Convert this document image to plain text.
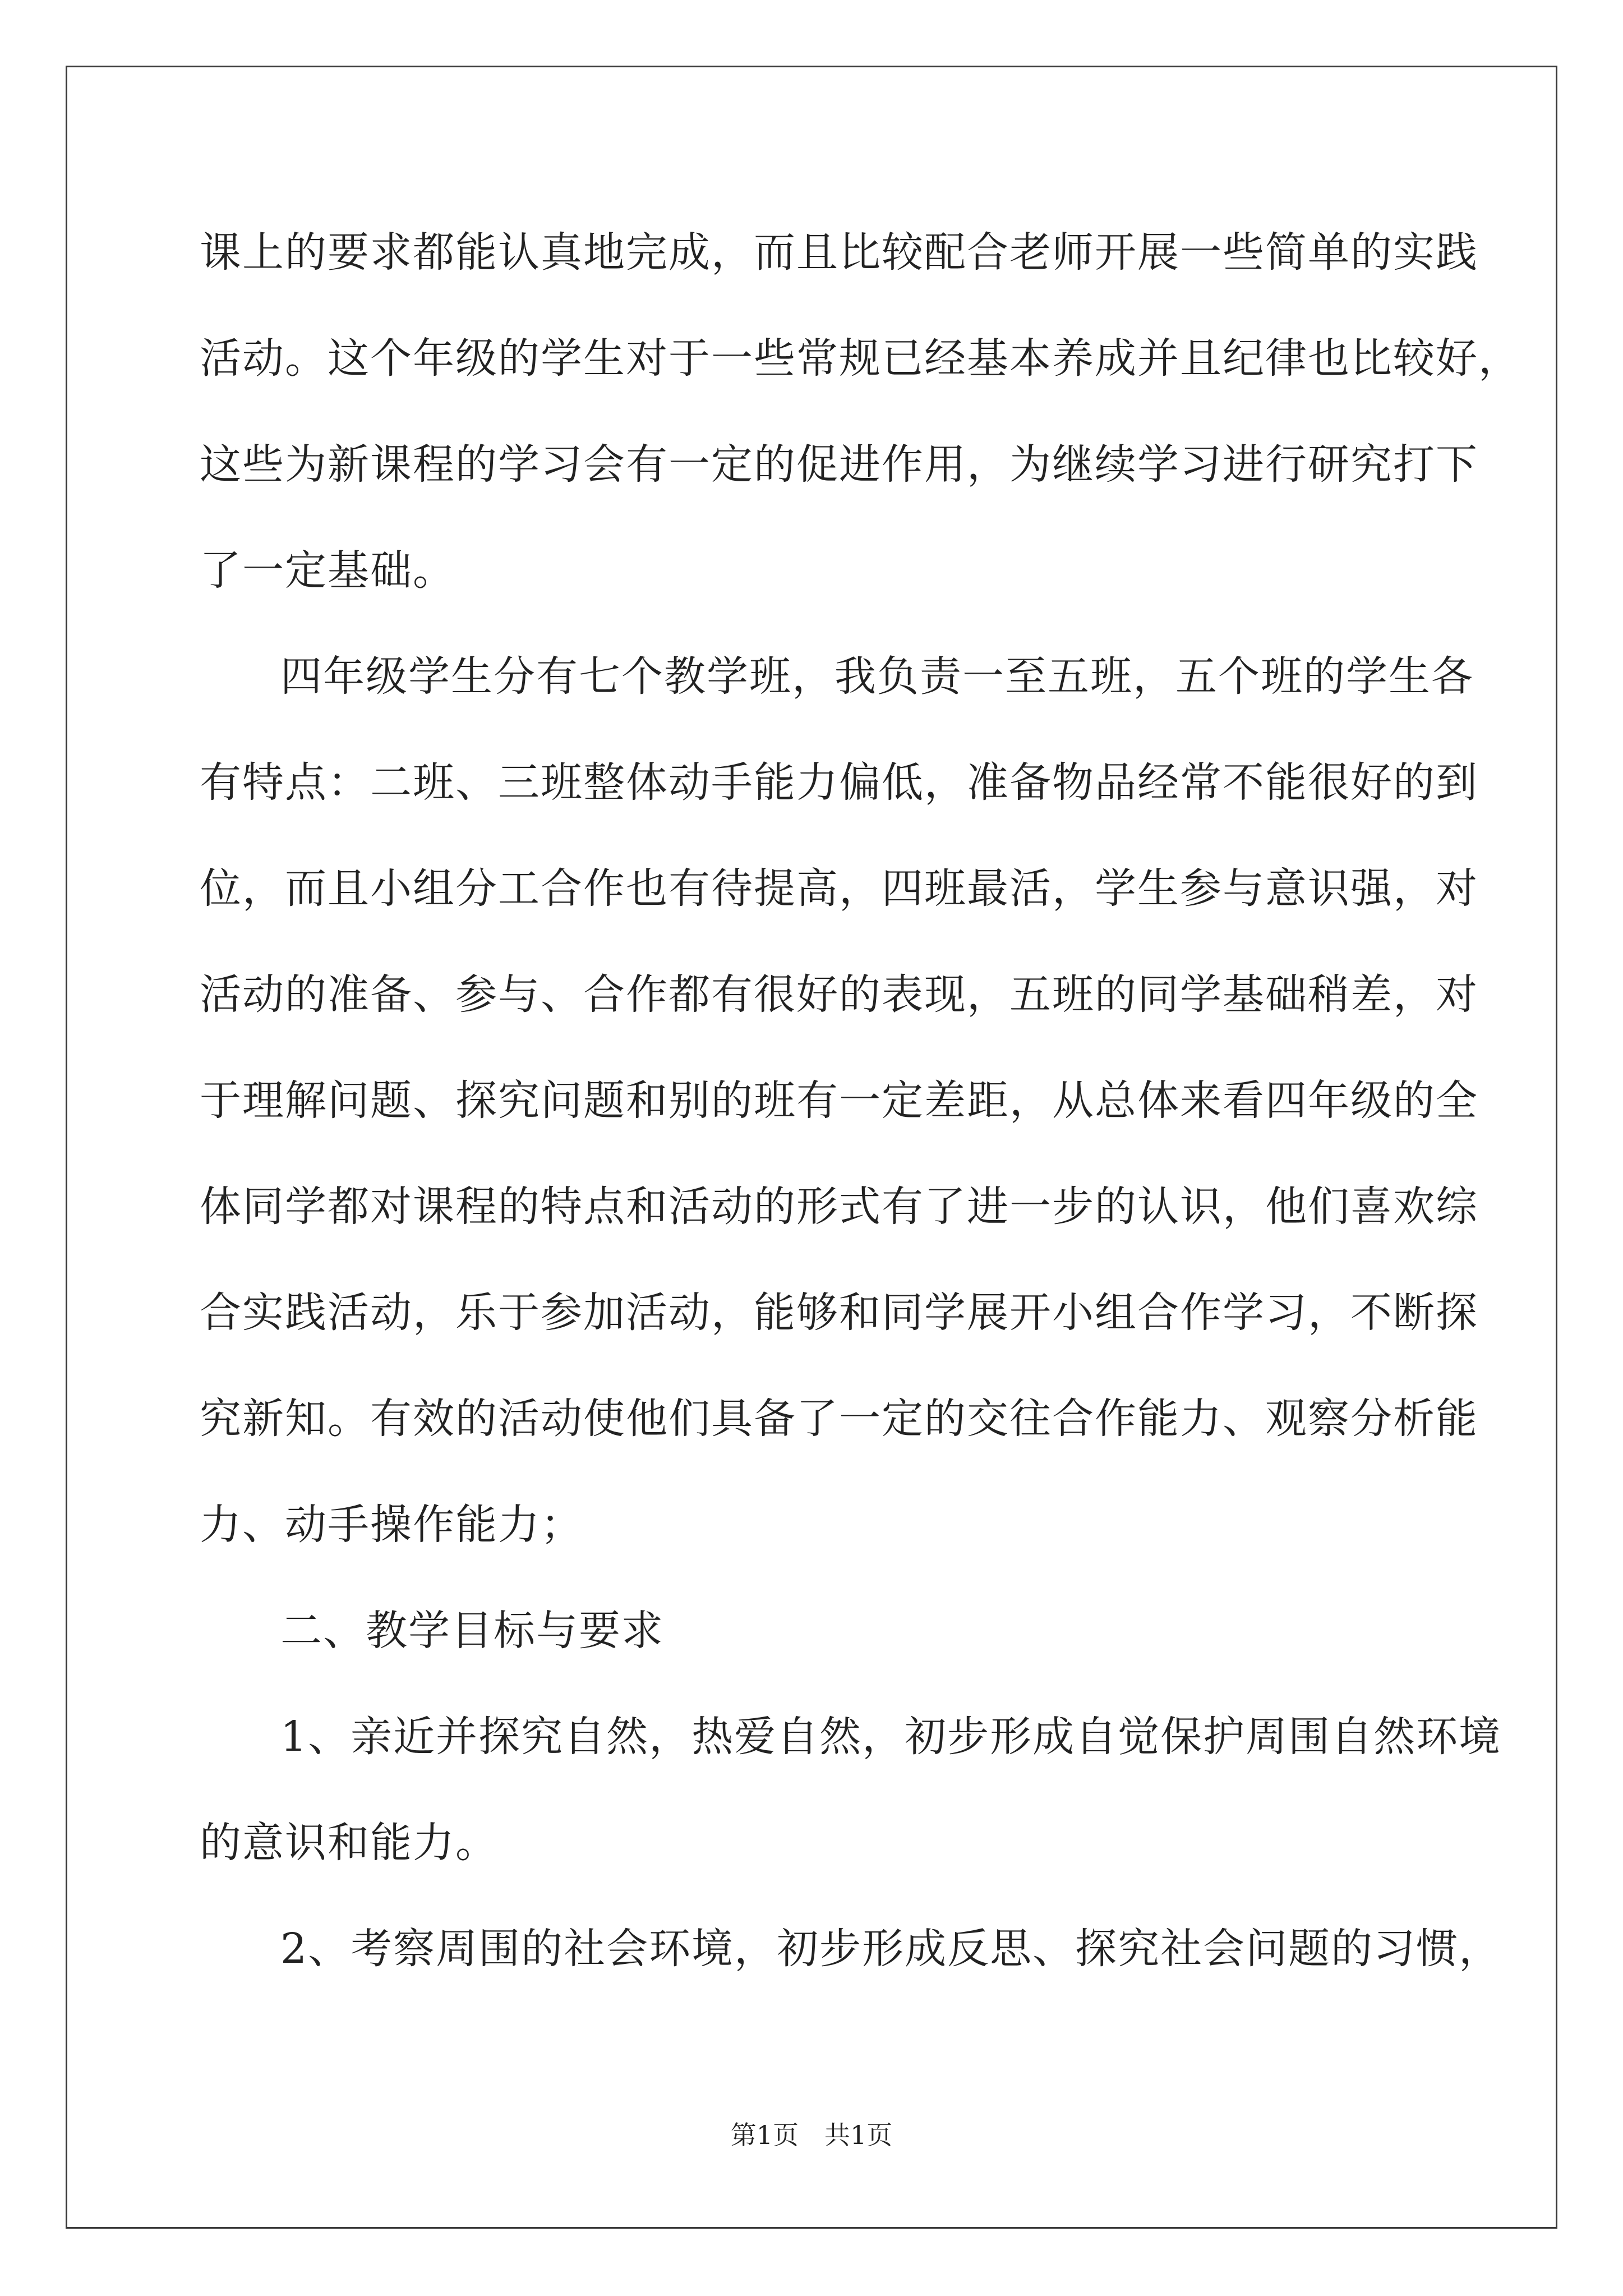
课上的要求都能认真地完成，而且比较配合老师开展一些简单的实践
活动。这个年级的学生对于一些常规已经基本养成并且纪律也比较好，
这些为新课程的学习会有一定的促进作用，为继续学习进行研究打下
了一定基础。
四年级学生分有七个教学班，我负责一至五班，五个班的学生各
有特点：二班、三班整体动手能力偏低，准备物品经常不能很好的到
位，而且小组分工合作也有待提高，四班最活，学生参与意识强，对
活动的准备、参与、合作都有很好的表现，五班的同学基础稍差，对
于理解问题、探究问题和别的班有一定差距，从总体来看四年级的全
体同学都对课程的特点和活动的形式有了进一步的认识，他们喜欢综
合实践活动，乐于参加活动，能够和同学展开小组合作学习，不断探
究新知。有效的活动使他们具备了一定的交往合作能力、观察分析能
力、动手操作能力；
二、教学目标与要求
1、亲近并探究自然，热爱自然，初步形成自觉保护周围自然环境
的意识和能力。
2、考察周围的社会环境，初步形成反思、探究社会问题的习惯，
第1页　共1页
